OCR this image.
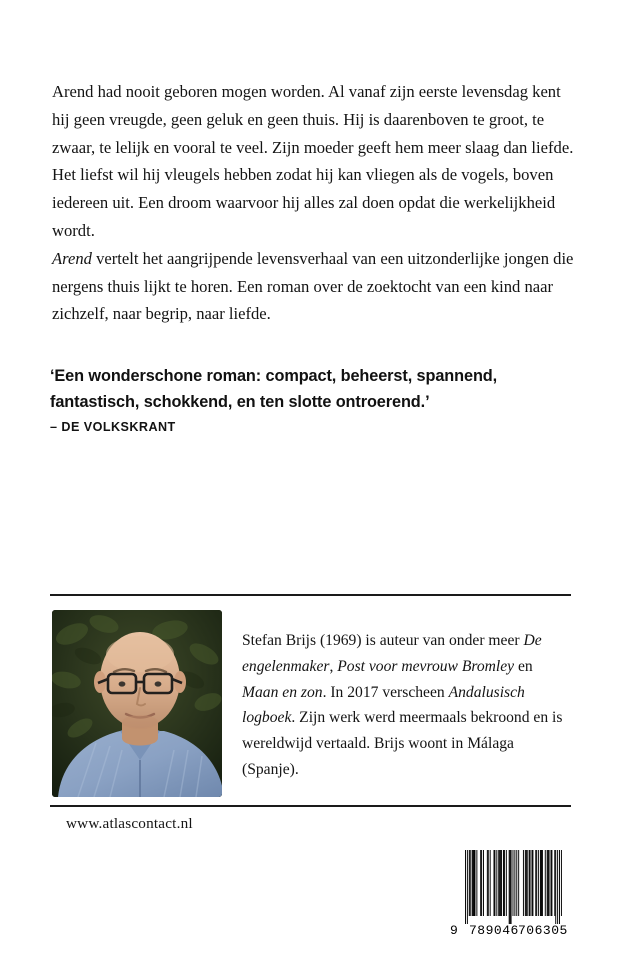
Arend had nooit geboren mogen worden. Al vanaf zijn eerste levensdag kent hij geen vreugde, geen geluk en geen thuis. Hij is daarenboven te groot, te zwaar, te lelijk en vooral te veel. Zijn moeder geeft hem meer slaag dan liefde. Het liefst wil hij vleugels hebben zodat hij kan vliegen als de vogels, boven iedereen uit. Een droom waarvoor hij alles zal doen opdat die werkelijkheid wordt.

Arend vertelt het aangrijpende levensverhaal van een uitzonderlijke jongen die nergens thuis lijkt te horen. Een roman over de zoektocht van een kind naar zichzelf, naar begrip, naar liefde.

‘Een wonderschone roman: compact, beheerst, spannend, fantastisch, schokkend, en ten slotte ontroerend.’

– DE VOLKSKRANT

Stefan Brijs (1969) is auteur van onder meer De engelenmaker, Post voor mevrouw Bromley en Maan en zon. In 2017 verscheen Andalusisch logboek. Zijn werk werd meermaals bekroond en is wereldwijd vertaald. Brijs woont in Málaga (Spanje).

www.atlascontact.nl
9 789046 706305
